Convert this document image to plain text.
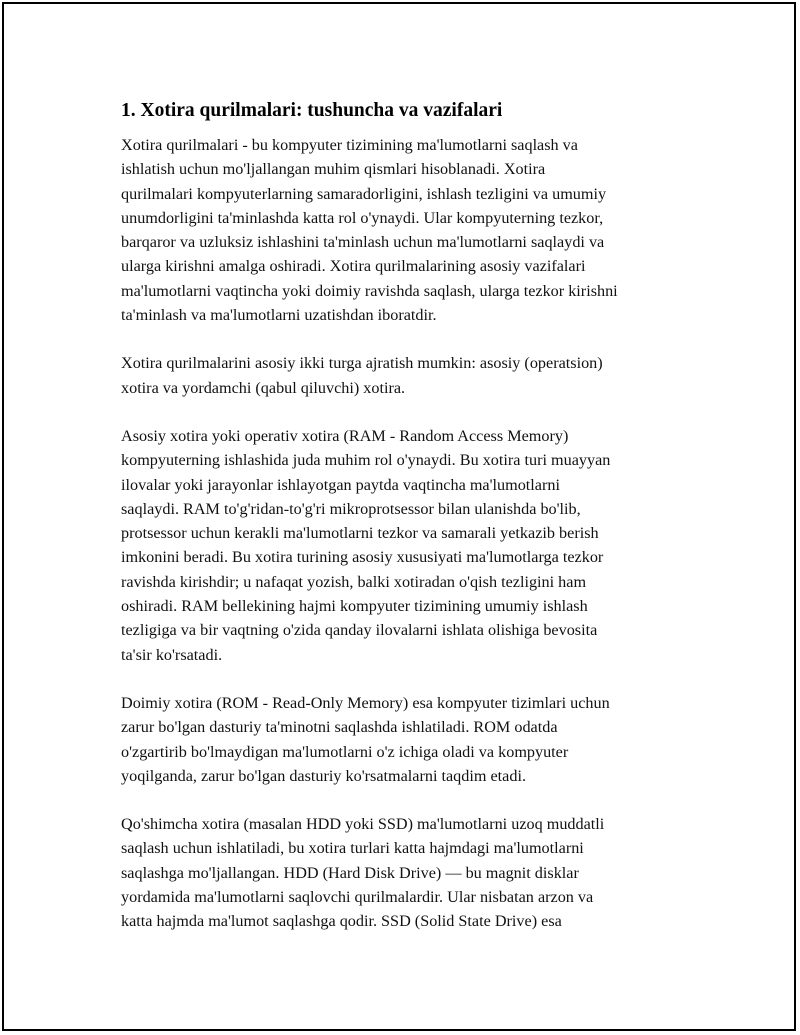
1. Xotira qurilmalari: tushuncha va vazifalari

Xotira qurilmalari - bu kompyuter tizimining ma'lumotlarni saqlash va
ishlatish uchun mo'ljallangan muhim qismlari hisoblanadi. Xotira
qurilmalari kompyuterlarning samaradorligini, ishlash tezligini va umumiy
unumdorligini ta'minlashda katta rol o'ynaydi. Ular kompyuterning tezkor,
barqaror va uzluksiz ishlashini ta'minlash uchun ma'lumotlarni saqlaydi va
ularga kirishni amalga oshiradi. Xotira qurilmalarining asosiy vazifalari
ma'lumotlarni vaqtincha yoki doimiy ravishda saqlash, ularga tezkor kirishni
ta'minlash va ma'lumotlarni uzatishdan iboratdir.

Xotira qurilmalarini asosiy ikki turga ajratish mumkin: asosiy (operatsion)
xotira va yordamchi (qabul qiluvchi) xotira.

Asosiy xotira yoki operativ xotira (RAM - Random Access Memory)
kompyuterning ishlashida juda muhim rol o'ynaydi. Bu xotira turi muayyan
ilovalar yoki jarayonlar ishlayotgan paytda vaqtincha ma'lumotlarni
saqlaydi. RAM to'g'ridan-to'g'ri mikroprotsessor bilan ulanishda bo'lib,
protsessor uchun kerakli ma'lumotlarni tezkor va samarali yetkazib berish
imkonini beradi. Bu xotira turining asosiy xususiyati ma'lumotlarga tezkor
ravishda kirishdir; u nafaqat yozish, balki xotiradan o'qish tezligini ham
oshiradi. RAM bellekining hajmi kompyuter tizimining umumiy ishlash
tezligiga va bir vaqtning o'zida qanday ilovalarni ishlata olishiga bevosita
ta'sir ko'rsatadi.

Doimiy xotira (ROM - Read-Only Memory) esa kompyuter tizimlari uchun
zarur bo'lgan dasturiy ta'minotni saqlashda ishlatiladi. ROM odatda
o'zgartirib bo'lmaydigan ma'lumotlarni o'z ichiga oladi va kompyuter
yoqilganda, zarur bo'lgan dasturiy ko'rsatmalarni taqdim etadi.

Qo'shimcha xotira (masalan HDD yoki SSD) ma'lumotlarni uzoq muddatli
saqlash uchun ishlatiladi, bu xotira turlari katta hajmdagi ma'lumotlarni
saqlashga mo'ljallangan. HDD (Hard Disk Drive) — bu magnit disklar
yordamida ma'lumotlarni saqlovchi qurilmalardir. Ular nisbatan arzon va
katta hajmda ma'lumot saqlashga qodir. SSD (Solid State Drive) esa
